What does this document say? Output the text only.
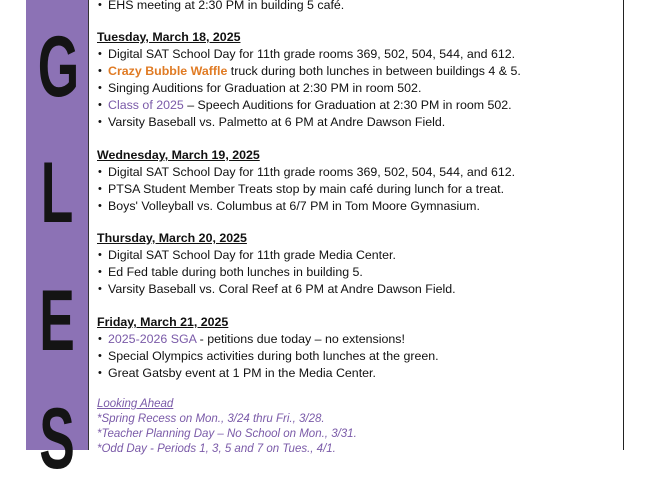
G
L
E
S
• EHS meeting at 2:30 PM in building 5 café.
Tuesday, March 18, 2025
• Digital SAT School Day for 11th grade rooms 369, 502, 504, 544, and 612.
• Crazy Bubble Waffle truck during both lunches in between buildings 4 & 5.
• Singing Auditions for Graduation at 2:30 PM in room 502.
• Class of 2025 – Speech Auditions for Graduation at 2:30 PM in room 502.
• Varsity Baseball vs. Palmetto at 6 PM at Andre Dawson Field.
Wednesday, March 19, 2025
• Digital SAT School Day for 11th grade rooms 369, 502, 504, 544, and 612.
• PTSA Student Member Treats stop by main café during lunch for a treat.
• Boys' Volleyball vs. Columbus at 6/7 PM in Tom Moore Gymnasium.
Thursday, March 20, 2025
• Digital SAT School Day for 11th grade Media Center.
• Ed Fed table during both lunches in building 5.
• Varsity Baseball vs. Coral Reef at 6 PM at Andre Dawson Field.
Friday, March 21, 2025
• 2025-2026 SGA - petitions due today – no extensions!
• Special Olympics activities during both lunches at the green.
• Great Gatsby event at 1 PM in the Media Center.
Looking Ahead
*Spring Recess on Mon., 3/24 thru Fri., 3/28.
*Teacher Planning Day – No School on Mon., 3/31.
*Odd Day - Periods 1, 3, 5 and 7 on Tues., 4/1.
